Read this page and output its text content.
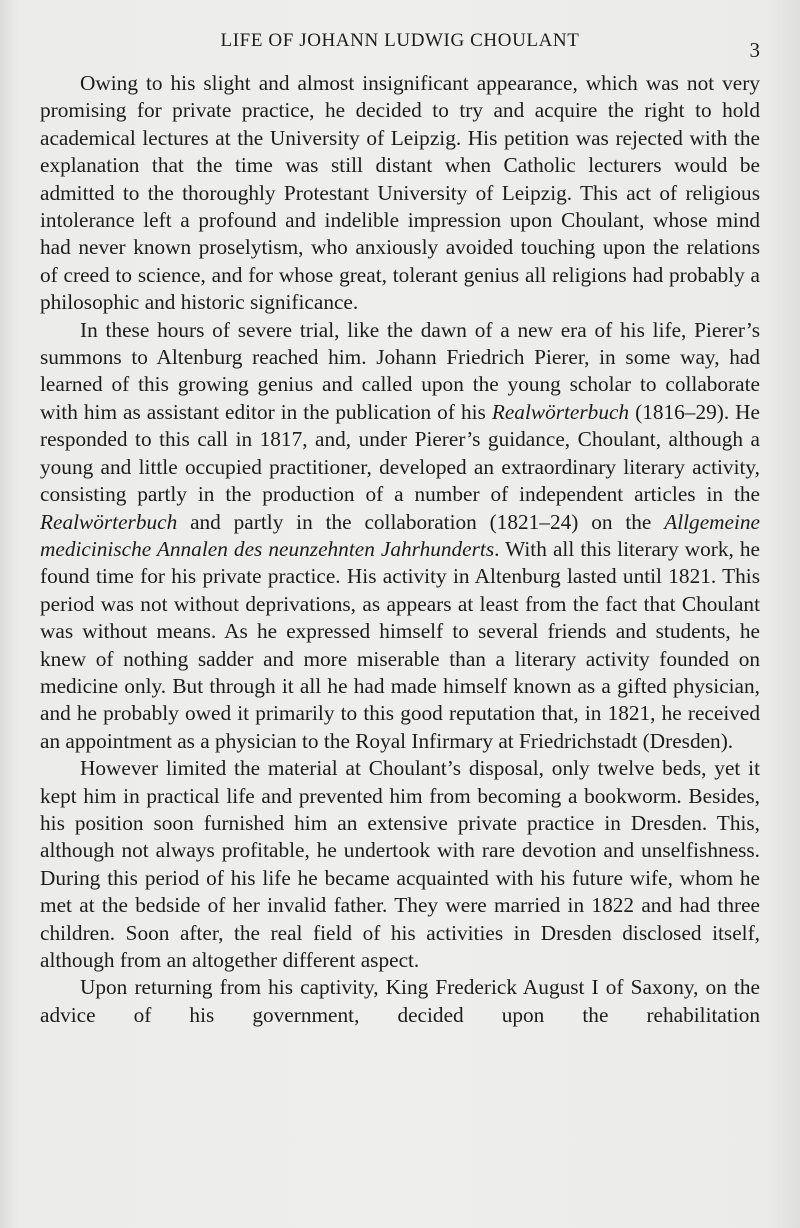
LIFE OF JOHANN LUDWIG CHOULANT	3

Owing to his slight and almost insignificant appearance, which was not very promising for private practice, he decided to try and acquire the right to hold academical lectures at the University of Leipzig. His petition was rejected with the explanation that the time was still distant when Catholic lecturers would be admitted to the thoroughly Protestant University of Leipzig. This act of religious intolerance left a profound and indelible impression upon Choulant, whose mind had never known proselytism, who anxiously avoided touching upon the relations of creed to science, and for whose great, tolerant genius all religions had probably a philosophic and historic significance.

In these hours of severe trial, like the dawn of a new era of his life, Pierer’s summons to Altenburg reached him. Johann Friedrich Pierer, in some way, had learned of this growing genius and called upon the young scholar to collaborate with him as assistant editor in the publication of his Realwörterbuch (1816–29). He responded to this call in 1817, and, under Pierer’s guidance, Choulant, although a young and little occupied practitioner, developed an extraordinary literary activity, consisting partly in the production of a number of independent articles in the Realwörterbuch and partly in the collaboration (1821–24) on the Allgemeine medicinische Annalen des neunzehnten Jahrhunderts. With all this literary work, he found time for his private practice. His activity in Altenburg lasted until 1821. This period was not without deprivations, as appears at least from the fact that Choulant was without means. As he expressed himself to several friends and students, he knew of nothing sadder and more miserable than a literary activity founded on medicine only. But through it all he had made himself known as a gifted physician, and he probably owed it primarily to this good reputation that, in 1821, he received an appointment as a physician to the Royal Infirmary at Friedrichstadt (Dresden).

However limited the material at Choulant’s disposal, only twelve beds, yet it kept him in practical life and prevented him from becoming a bookworm. Besides, his position soon furnished him an extensive private practice in Dresden. This, although not always profitable, he undertook with rare devotion and unselfishness. During this period of his life he became acquainted with his future wife, whom he met at the bedside of her invalid father. They were married in 1822 and had three children. Soon after, the real field of his activities in Dresden disclosed itself, although from an altogether different aspect.

Upon returning from his captivity, King Frederick August I of Saxony, on the advice of his government, decided upon the rehabilitation
